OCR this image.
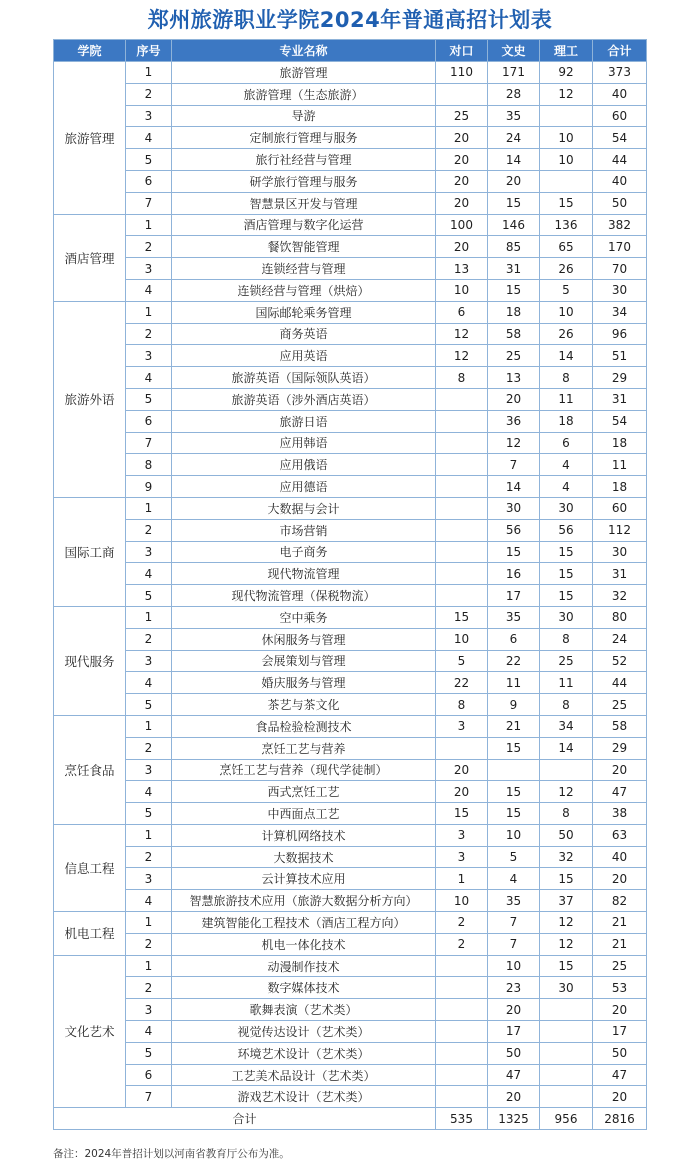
郑州旅游职业学院2024年普通高招计划表
学院	序号	专业名称	对口	文史	理工	合计
旅游管理	1	旅游管理	110	171	92	373
	2	旅游管理（生态旅游）		28	12	40
	3	导游	25	35		60
	4	定制旅行管理与服务	20	24	10	54
	5	旅行社经营与管理	20	14	10	44
	6	研学旅行管理与服务	20	20		40
	7	智慧景区开发与管理	20	15	15	50
酒店管理	1	酒店管理与数字化运营	100	146	136	382
	2	餐饮智能管理	20	85	65	170
	3	连锁经营与管理	13	31	26	70
	4	连锁经营与管理（烘焙）	10	15	5	30
旅游外语	1	国际邮轮乘务管理	6	18	10	34
	2	商务英语	12	58	26	96
	3	应用英语	12	25	14	51
	4	旅游英语（国际领队英语）	8	13	8	29
	5	旅游英语（涉外酒店英语）		20	11	31
	6	旅游日语		36	18	54
	7	应用韩语		12	6	18
	8	应用俄语		7	4	11
	9	应用德语		14	4	18
国际工商	1	大数据与会计		30	30	60
	2	市场营销		56	56	112
	3	电子商务		15	15	30
	4	现代物流管理		16	15	31
	5	现代物流管理（保税物流）		17	15	32
现代服务	1	空中乘务	15	35	30	80
	2	休闲服务与管理	10	6	8	24
	3	会展策划与管理	5	22	25	52
	4	婚庆服务与管理	22	11	11	44
	5	茶艺与茶文化	8	9	8	25
烹饪食品	1	食品检验检测技术	3	21	34	58
	2	烹饪工艺与营养		15	14	29
	3	烹饪工艺与营养（现代学徒制）	20			20
	4	西式烹饪工艺	20	15	12	47
	5	中西面点工艺	15	15	8	38
信息工程	1	计算机网络技术	3	10	50	63
	2	大数据技术	3	5	32	40
	3	云计算技术应用	1	4	15	20
	4	智慧旅游技术应用（旅游大数据分析方向）	10	35	37	82
机电工程	1	建筑智能化工程技术（酒店工程方向）	2	7	12	21
	2	机电一体化技术	2	7	12	21
文化艺术	1	动漫制作技术		10	15	25
	2	数字媒体技术		23	30	53
	3	歌舞表演（艺术类）		20		20
	4	视觉传达设计（艺术类）		17		17
	5	环境艺术设计（艺术类）		50		50
	6	工艺美术品设计（艺术类）		47		47
	7	游戏艺术设计（艺术类）		20		20
合计			535	1325	956	2816
备注：2024年普招计划以河南省教育厅公布为准。
